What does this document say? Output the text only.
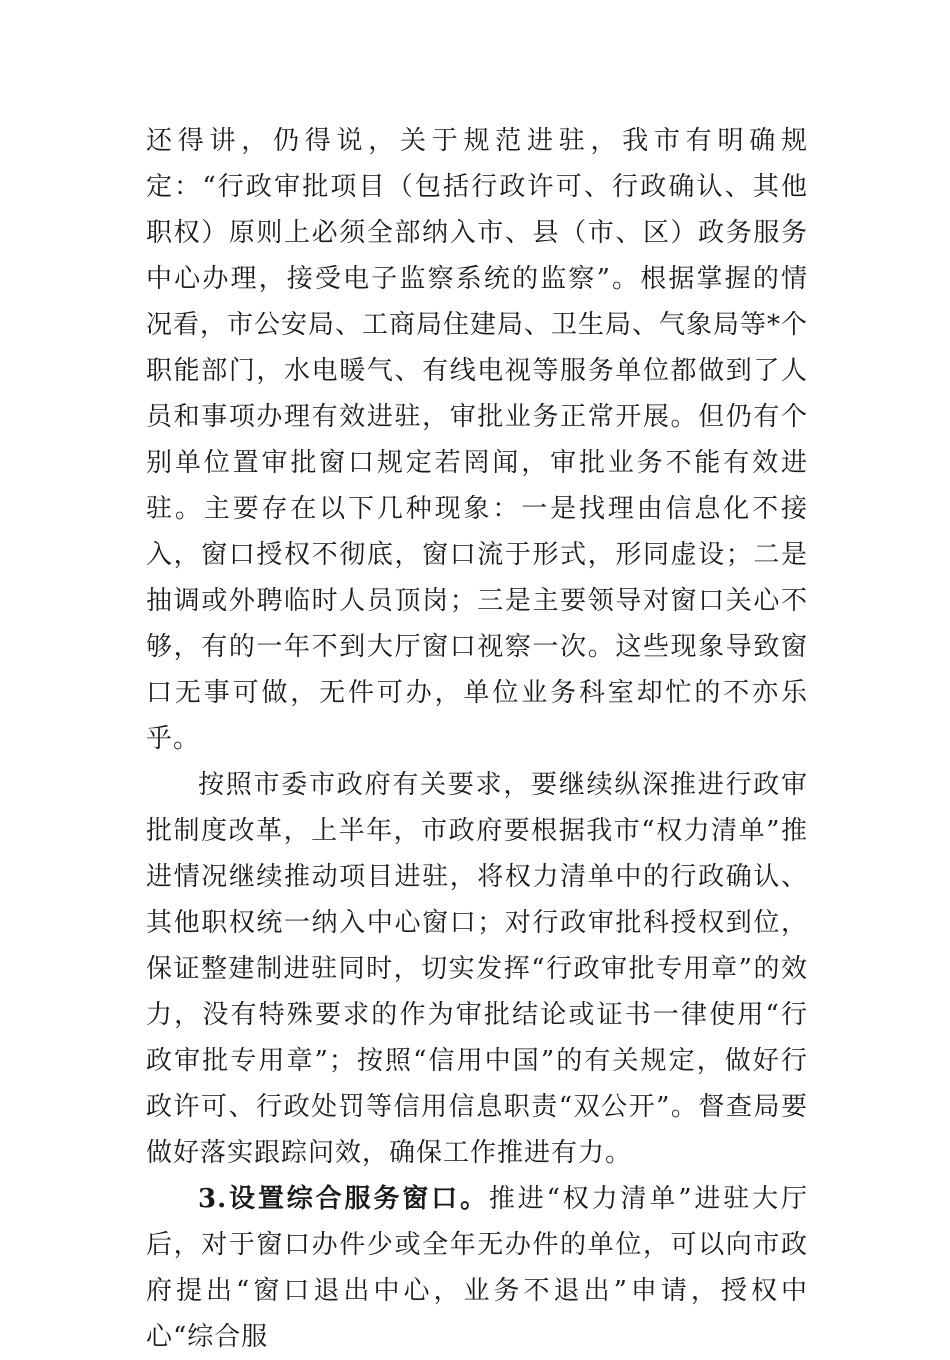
还得讲，仍得说，关于规范进驻，我市有明确规定：“行政审批项目（包括行政许可、行政确认、其他职权）原则上必须全部纳入市、县（市、区）政务服务中心办理，接受电子监察系统的监察”。根据掌握的情况看，市公安局、工商局住建局、卫生局、气象局等*个职能部门，水电暖气、有线电视等服务单位都做到了人员和事项办理有效进驻，审批业务正常开展。但仍有个别单位置审批窗口规定若罔闻，审批业务不能有效进驻。主要存在以下几种现象：一是找理由信息化不接入，窗口授权不彻底，窗口流于形式，形同虚设；二是抽调或外聘临时人员顶岗；三是主要领导对窗口关心不够，有的一年不到大厅窗口视察一次。这些现象导致窗口无事可做，无件可办，单位业务科室却忙的不亦乐乎。

按照市委市政府有关要求，要继续纵深推进行政审批制度改革，上半年，市政府要根据我市“权力清单”推进情况继续推动项目进驻，将权力清单中的行政确认、其他职权统一纳入中心窗口；对行政审批科授权到位，保证整建制进驻同时，切实发挥“行政审批专用章”的效力，没有特殊要求的作为审批结论或证书一律使用“行政审批专用章”；按照“信用中国”的有关规定，做好行政许可、行政处罚等信用信息职责“双公开”。督查局要做好落实跟踪问效，确保工作推进有力。

3.设置综合服务窗口。推进“权力清单”进驻大厅后，对于窗口办件少或全年无办件的单位，可以向市政府提出“窗口退出中心，业务不退出”申请，授权中心“综合服
